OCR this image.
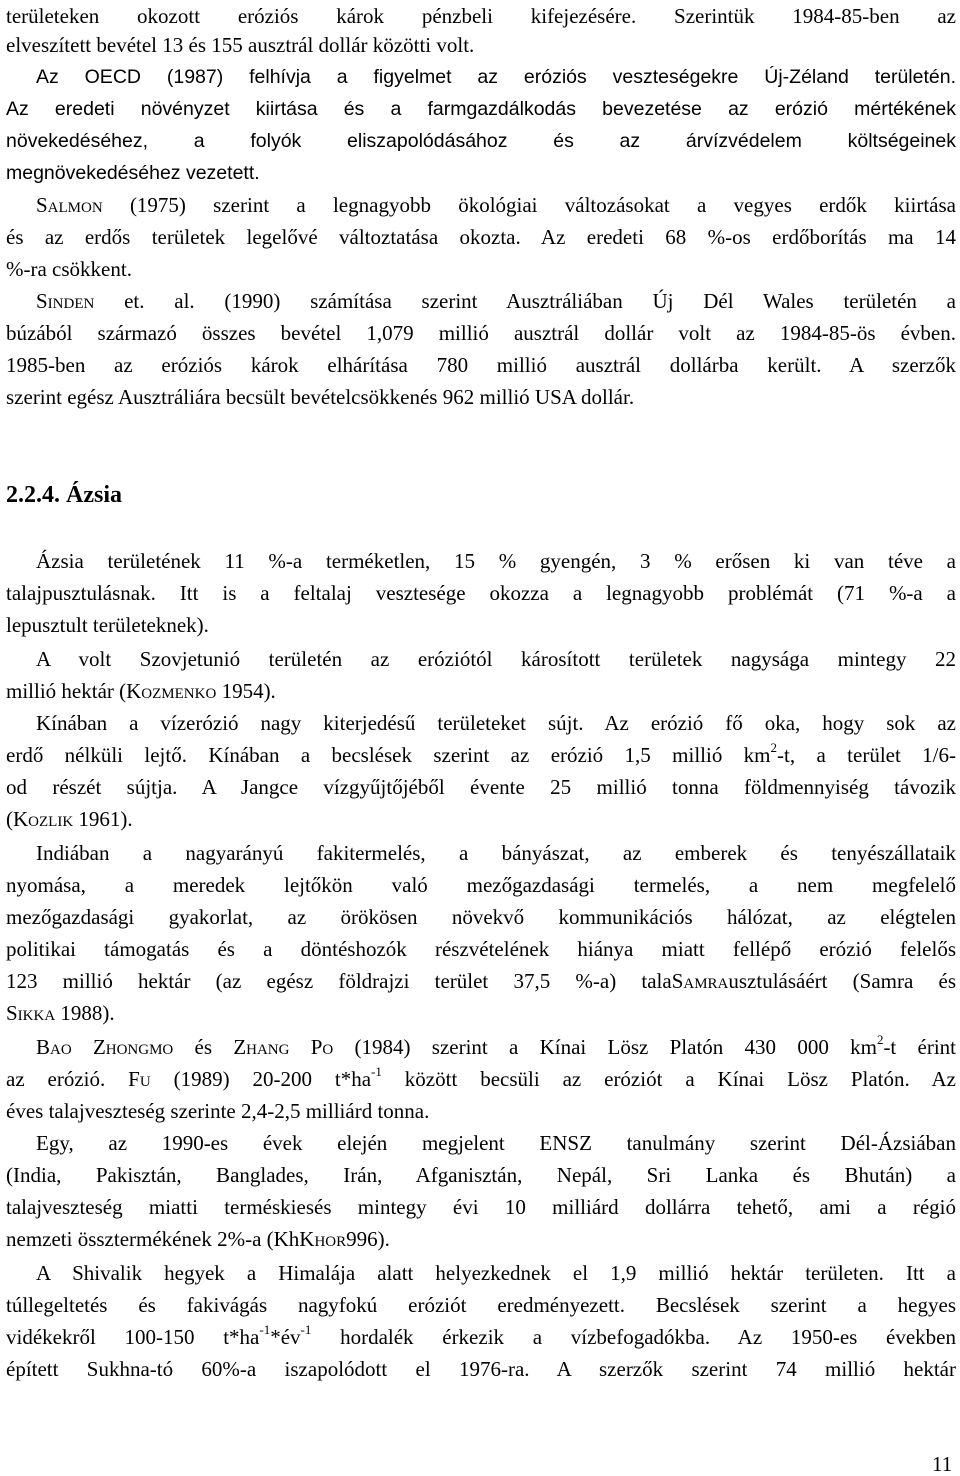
területeken okozott eróziós károk pénzbeli kifejezésére. Szerintük 1984-85-ben az
elveszített bevétel 13 és 155 ausztrál dollár közötti volt.
Az OECD (1987) felhívja a figyelmet az eróziós veszteségekre Új-Zéland területén.
Az eredeti növényzet kiirtása és a farmgazdálkodás bevezetése az erózió mértékének
növekedéséhez, a folyók eliszapolódásához és az árvízvédelem költségeinek
megnövekedéséhez vezetett.
Salmon (1975) szerint a legnagyobb ökológiai változásokat a vegyes erdők kiirtása
és az erdős területek legelővé változtatása okozta. Az eredeti 68 %-os erdőborítás ma 14
%-ra csökkent.
Sinden et. al. (1990) számítása szerint Ausztráliában Új Dél Wales területén a
búzából származó összes bevétel 1,079 millió ausztrál dollár volt az 1984-85-ös évben.
1985-ben az eróziós károk elhárítása 780 millió ausztrál dollárba került. A szerzők
szerint egész Ausztráliára becsült bevételcsökkenés 962 millió USA dollár.
2.2.4. Ázsia
Ázsia területének 11 %-a terméketlen, 15 % gyengén, 3 % erősen ki van téve a
talajpusztulásnak. Itt is a feltalaj vesztesége okozza a legnagyobb problémát (71 %-a a
lepusztult területeknek).
A volt Szovjetunió területén az eróziótól károsított területek nagysága mintegy 22
millió hektár (Kozmenko 1954).
Kínában a vízerózió nagy kiterjedésű területeket sújt. Az erózió fő oka, hogy sok az
erdő nélküli lejtő. Kínában a becslések szerint az erózió 1,5 millió $km^2-t$, a terület 1/6-
od részét sújtja. A Jangce vízgyűjtőjéből évente 25 millió tonna földmennyiség távozik
(Kozlik 1961).
Indiában a nagyarányú fakitermelés, a bányászat, az emberek és tenyészállataik
nyomása, a meredek lejtőkön való mezőgazdasági termelés, a nem megfelelő
mezőgazdasági gyakorlat, az örökösen növekvő kommunikációs hálózat, az elégtelen
politikai támogatás és a döntéshozók részvételének hiánya miatt fellépő erózió felelős
123 millió hektár (az egész földrajzi terület 37,5 %-a) talaSamrausztulásáért (Samra és
Sikka 1988).
Bao Zhongmo és Zhang Po (1984) szerint a Kínai Lösz Platón 430 000 $km^2-t$ érint
az erózió. Fu (1989) 20-200 $t*ha^{-1}$ között becsüli az eróziót a Kínai Lösz Platón. Az
éves talajveszteség szerinte 2,4-2,5 milliárd tonna.
Egy, az 1990-es évek elején megjelent ENSZ tanulmány szerint Dél-Ázsiában
(India, Pakisztán, Banglades, Irán, Afganisztán, Nepál, Sri Lanka és Bhután) a
talajveszteség miatti terméskiesés mintegy évi 10 milliárd dollárra tehető, ami a régió
nemzeti össztermékének 2%-a (KhKhor996).
A Shivalik hegyek a Himalája alatt helyezkednek el 1,9 millió hektár területen. Itt a
túllegeltetés és fakivágás nagyfokú eróziót eredményezett. Becslések szerint a hegyes
vidékekről 100-150 $t*ha^{-1}*év^{-1}$ hordalék érkezik a vízbefogadókba. Az 1950-es években
épített Sukhna-tó 60%-a iszapolódott el 1976-ra. A szerzők szerint 74 millió hektár
11
